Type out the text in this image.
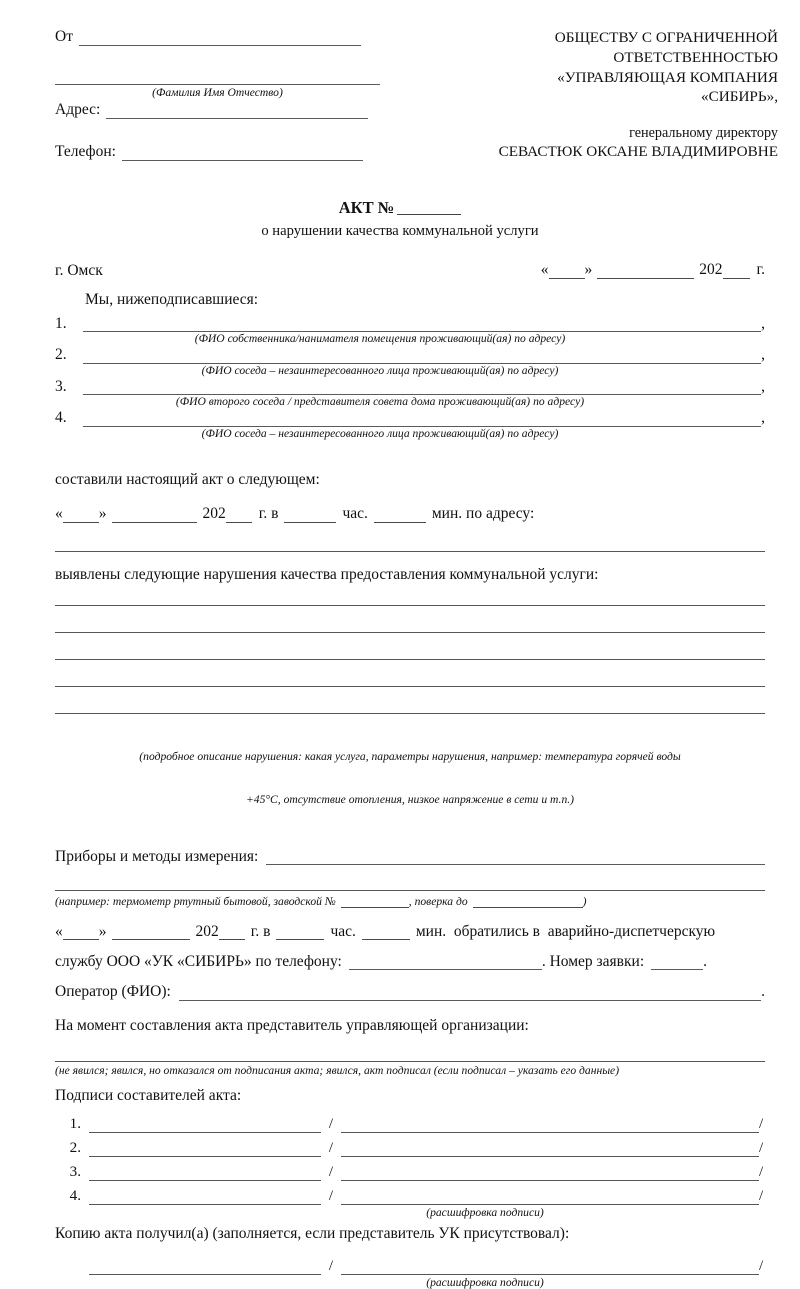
От
(Фамилия Имя Отчество)
Адрес:
Телефон:
ОБЩЕСТВУ С ОГРАНИЧЕННОЙ
ОТВЕТСТВЕННОСТЬЮ
«УПРАВЛЯЮЩАЯ КОМПАНИЯ
«СИБИРЬ»,
генеральному директору
СЕВАСТЮК ОКСАНЕ ВЛАДИМИРОВНЕ
АКТ №
о нарушении качества коммунальной услуги
г. Омск	« »	202 г.
Мы, нижеподписавшиеся:
1.	,
(ФИО собственника/нанимателя помещения проживающий(ая) по адресу)
2.	,
(ФИО соседа – незаинтересованного лица проживающий(ая) по адресу)
3.	,
(ФИО второго соседа / представителя совета дома проживающий(ая) по адресу)
4.	,
(ФИО соседа – незаинтересованного лица проживающий(ая) по адресу)
составили настоящий акт о следующем:
« »	202 г. в	час.	мин. по адресу:
выявлены следующие нарушения качества предоставления коммунальной услуги:

(подробное описание нарушения: какая услуга, параметры нарушения, например: температура горячей воды

+45°С, отсутствие отопления, низкое напряжение в сети и т.п.)

Приборы и методы измерения:
(например: термометр ртутный бытовой, заводской №	, поверка до	)
« »	202 г. в	час.	мин.  обратились в  аварийно-диспетчерскую
службу ООО «УК «СИБИРЬ» по телефону:	. Номер заявки:	.
Оператор (ФИО):	.
На момент составления акта представитель управляющей организации:
(не явился; явился, но отказался от подписания акта; явился, акт подписал (если подписал – указать его данные)
Подписи составителей акта:
1.	/	/
2.	/	/
3.	/	/
4.	/	/
(расшифровка подписи)
Копию акта получил(а) (заполняется, если представитель УК присутствовал):
/	/
(расшифровка подписи)
